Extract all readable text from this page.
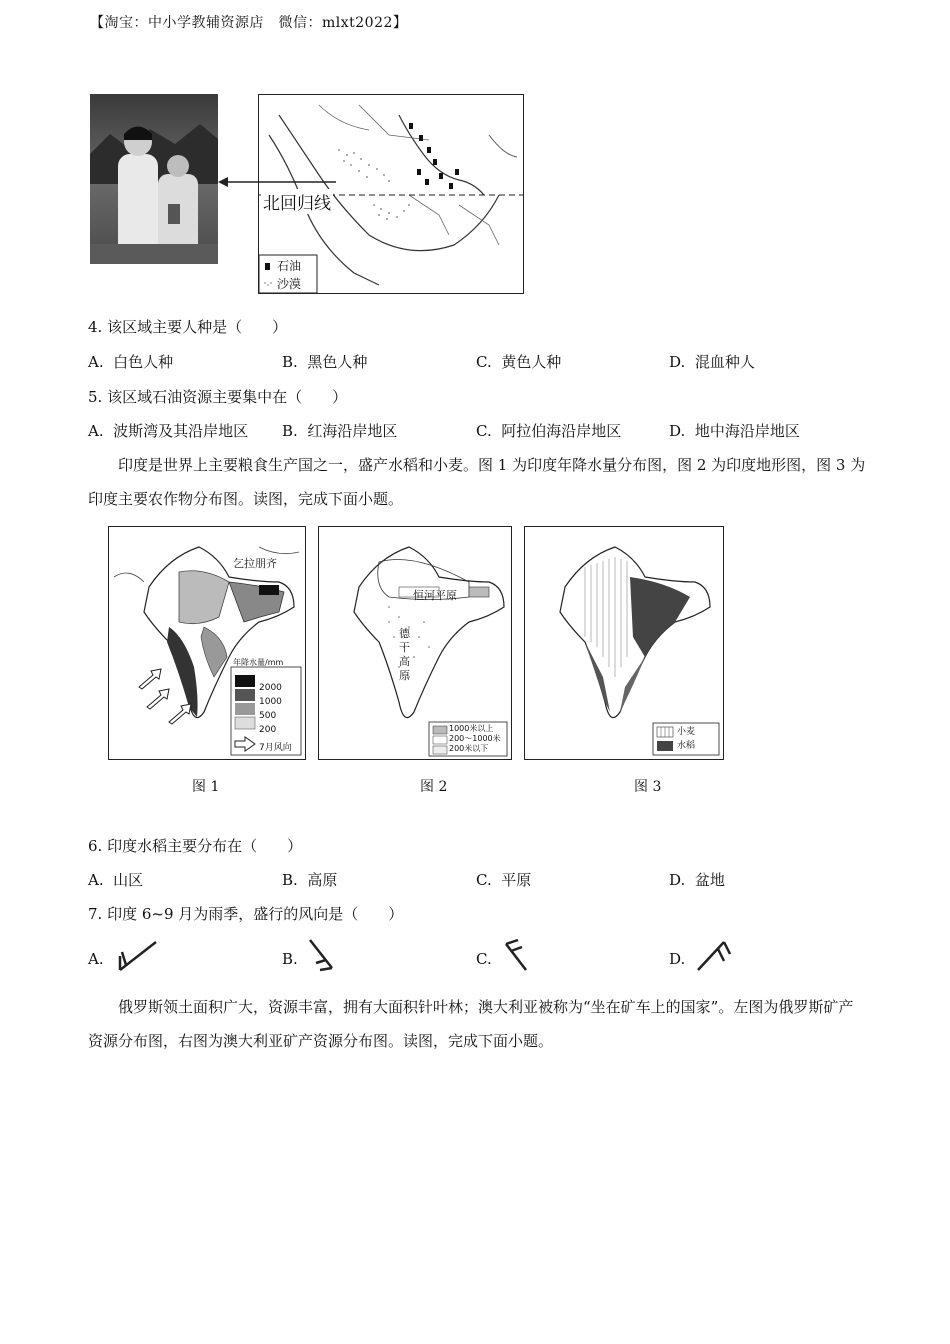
【淘宝：中小学教辅资源店　微信：mlxt2022】
北回归线
石油
沙漠
4. 该区域主要人种是（　　）
A. 白色人种	B. 黑色人种	C. 黄色人种	D. 混血种人
5. 该区域石油资源主要集中在（　　）
A. 波斯湾及其沿岸地区 B. 红海沿岸地区	C. 阿拉伯海沿岸地区	D. 地中海沿岸地区
印度是世界上主要粮食生产国之一，盛产水稻和小麦。图 1 为印度年降水量分布图，图 2 为印度地形图，图 3 为印度主要农作物分布图。读图，完成下面小题。
乞拉朋齐
年降水量/mm
2000
1000
500
200
7月风向
图 1
恒河平原
德干高原
1000米以上
200～1000米
200米以下
图 2
小麦
水稻
图 3
6. 印度水稻主要分布在（　　）
A. 山区	B. 高原	C. 平原	D. 盆地
7. 印度 6~9 月为雨季，盛行的风向是（　　）
A.	B.	C.	D.
俄罗斯领土面积广大，资源丰富，拥有大面积针叶林；澳大利亚被称为“坐在矿车上的国家”。左图为俄罗斯矿产资源分布图，右图为澳大利亚矿产资源分布图。读图，完成下面小题。
